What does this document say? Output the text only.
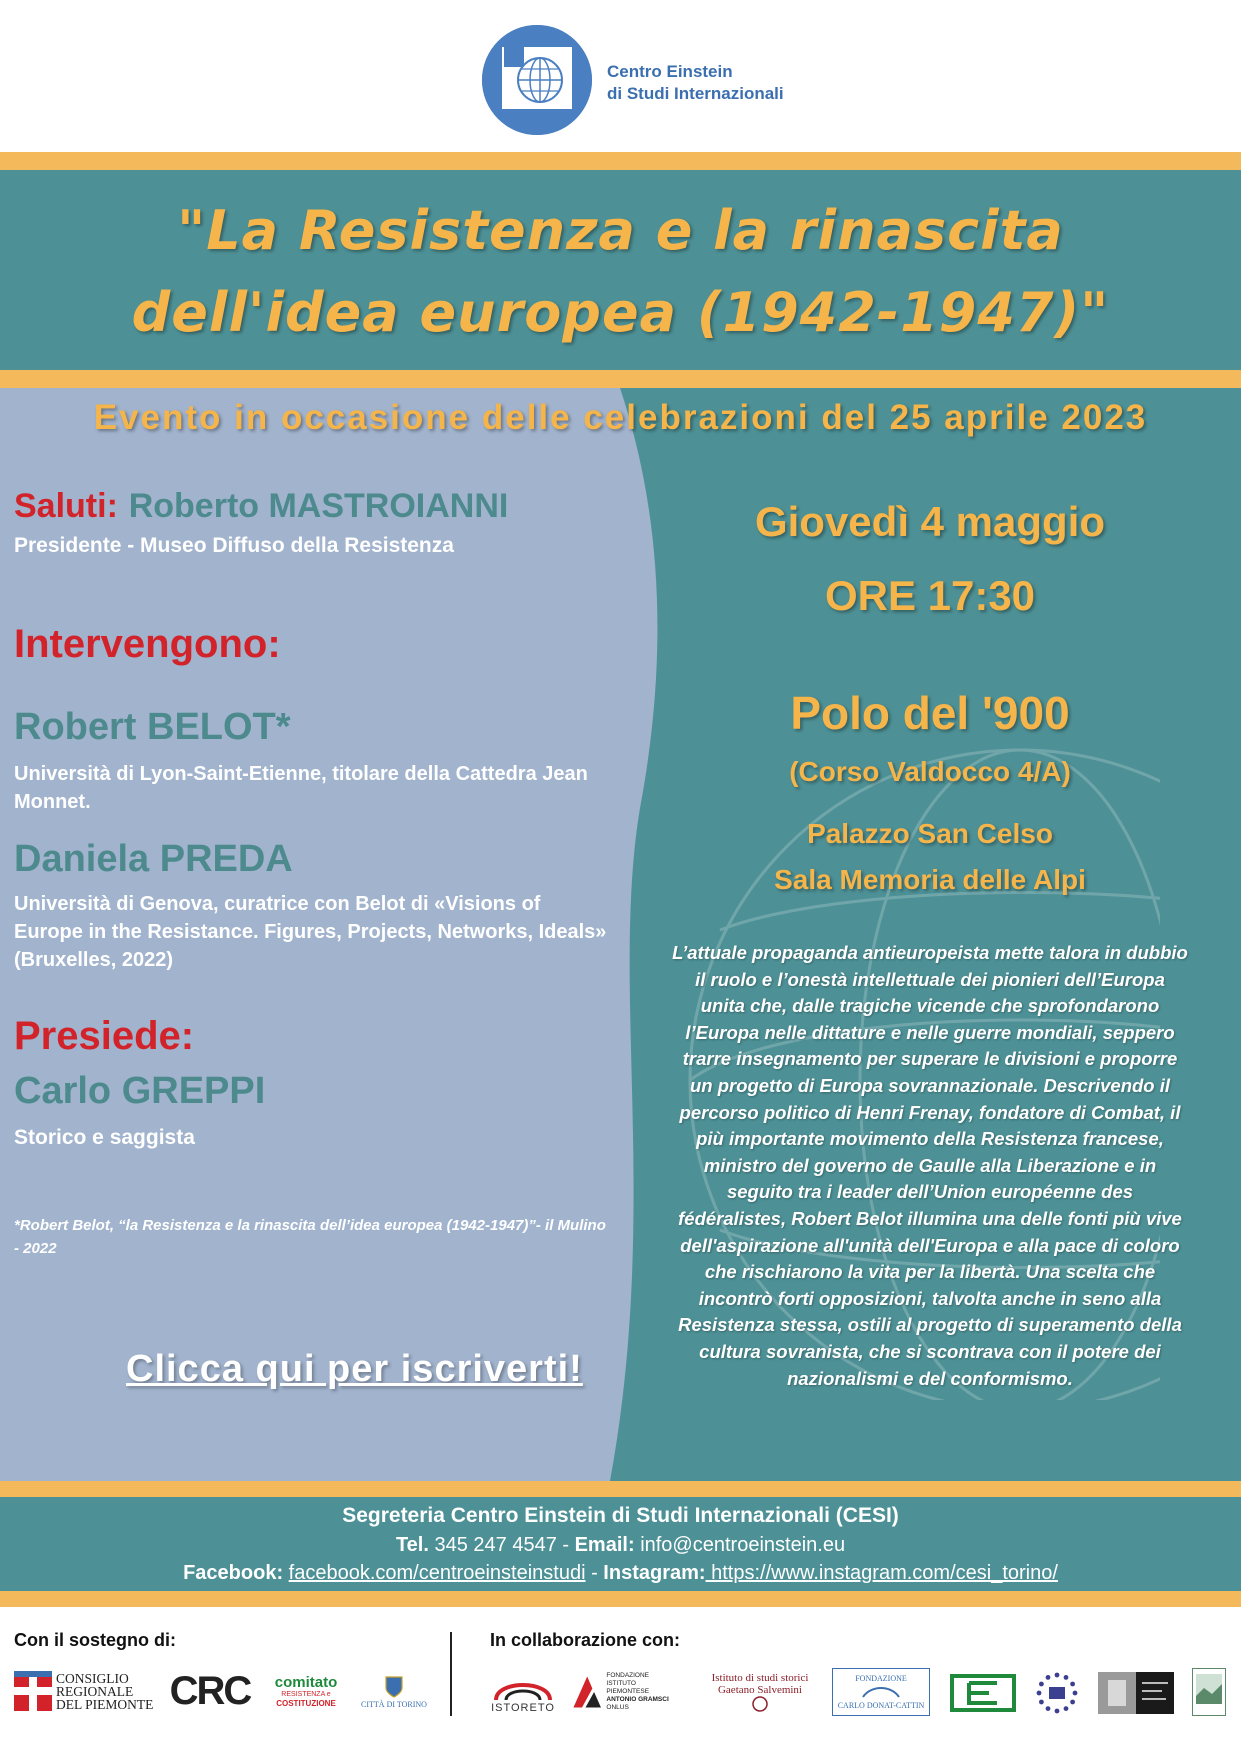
Centro Einstein
di Studi Internazionali
"La Resistenza e la rinascita dell'idea europea (1942-1947)"
Evento in occasione delle celebrazioni del 25 aprile 2023
Saluti: Roberto MASTROIANNI
Presidente - Museo Diffuso della Resistenza
Intervengono:
Robert BELOT*
Università di Lyon-Saint-Etienne, titolare della Cattedra Jean Monnet.
Daniela PREDA
Università di Genova, curatrice con Belot di «Visions of Europe in the Resistance. Figures, Projects, Networks, Ideals» (Bruxelles, 2022)
Presiede:
Carlo GREPPI
Storico e saggista
*Robert Belot, “la Resistenza e la rinascita dell’idea europea (1942-1947)”- il Mulino - 2022
Clicca qui per iscriverti!
Giovedì 4 maggio
ORE 17:30
Polo del '900
(Corso Valdocco 4/A)
Palazzo San Celso
Sala Memoria delle Alpi
L’attuale propaganda antieuropeista mette talora in dubbio il ruolo e l’onestà intellettuale dei pionieri dell’Europa unita che, dalle tragiche vicende che sprofondarono l’Europa nelle dittature e nelle guerre mondiali, seppero trarre insegnamento per superare le divisioni e proporre un progetto di Europa sovrannazionale. Descrivendo il percorso politico di Henri Frenay, fondatore di Combat, il più importante movimento della Resistenza francese, ministro del governo de Gaulle alla Liberazione e in seguito tra i leader dell’Union européenne des fédéralistes, Robert Belot illumina una delle fonti più vive dell'aspirazione all'unità dell'Europa e alla pace di coloro che rischiarono la vita per la libertà. Una scelta che incontrò forti opposizioni, talvolta anche in seno alla Resistenza stessa, ostili al progetto di superamento della cultura sovranista, che si scontrava con il potere dei nazionalismi e del conformismo.
Segreteria Centro Einstein di Studi Internazionali (CESI)
Tel. 345 247 4547 - Email: info@centroeinstein.eu
Facebook: facebook.com/centroeinsteinstudi - Instagram: https://www.instagram.com/cesi_torino/
Con il sostegno di:	In collaborazione con:
CONSIGLIO
REGIONALE
DEL PIEMONTE CRC	comitato
RESISTENZA e
COSTITUZIONE	CITTÀ DI TORINO	ISTORETO
FONDAZIONE
ISTITUTO PIEMONTESE
ANTONIO GRAMSCI
ONLUS
Istituto di studi storici
Gaetano Salvemini
FONDAZIONE
CARLO DONAT-CATTIN
